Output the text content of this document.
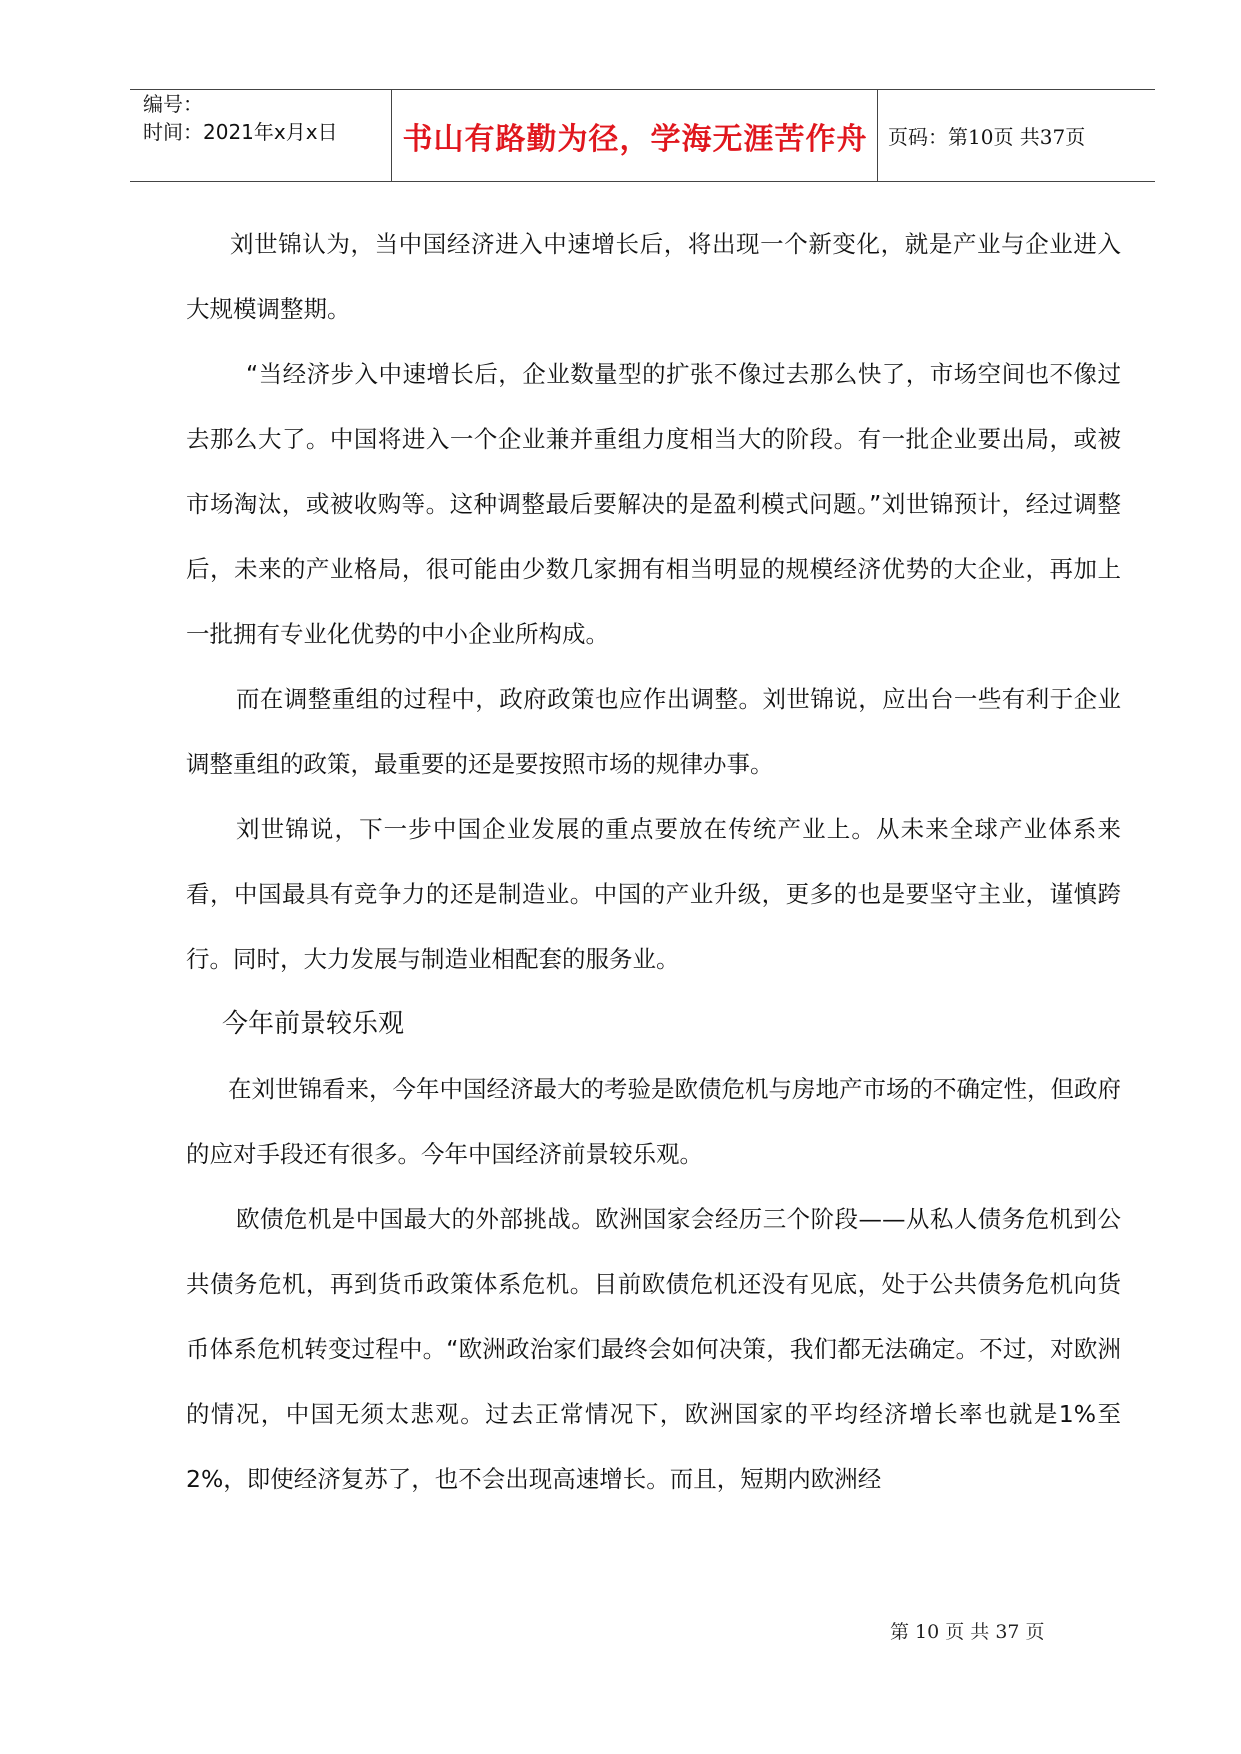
编号：
时间：2021年x月x日	书山有路勤为径，学海无涯苦作舟	页码：第10页 共37页

刘世锦认为，当中国经济进入中速增长后，将出现一个新变化，就是产业与企业进入大规模调整期。

“当经济步入中速增长后，企业数量型的扩张不像过去那么快了，市场空间也不像过去那么大了。中国将进入一个企业兼并重组力度相当大的阶段。有一批企业要出局，或被市场淘汰，或被收购等。这种调整最后要解决的是盈利模式问题。”刘世锦预计，经过调整后，未来的产业格局，很可能由少数几家拥有相当明显的规模经济优势的大企业，再加上一批拥有专业化优势的中小企业所构成。

而在调整重组的过程中，政府政策也应作出调整。刘世锦说，应出台一些有利于企业调整重组的政策，最重要的还是要按照市场的规律办事。

刘世锦说，下一步中国企业发展的重点要放在传统产业上。从未来全球产业体系来看，中国最具有竞争力的还是制造业。中国的产业升级，更多的也是要坚守主业，谨慎跨行。同时，大力发展与制造业相配套的服务业。

今年前景较乐观

在刘世锦看来，今年中国经济最大的考验是欧债危机与房地产市场的不确定性，但政府的应对手段还有很多。今年中国经济前景较乐观。

欧债危机是中国最大的外部挑战。欧洲国家会经历三个阶段——从私人债务危机到公共债务危机，再到货币政策体系危机。目前欧债危机还没有见底，处于公共债务危机向货币体系危机转变过程中。“欧洲政治家们最终会如何决策，我们都无法确定。不过，对欧洲的情况，中国无须太悲观。过去正常情况下，欧洲国家的平均经济增长率也就是1%至2%，即使经济复苏了，也不会出现高速增长。而且，短期内欧洲经

第 10 页 共 37 页
